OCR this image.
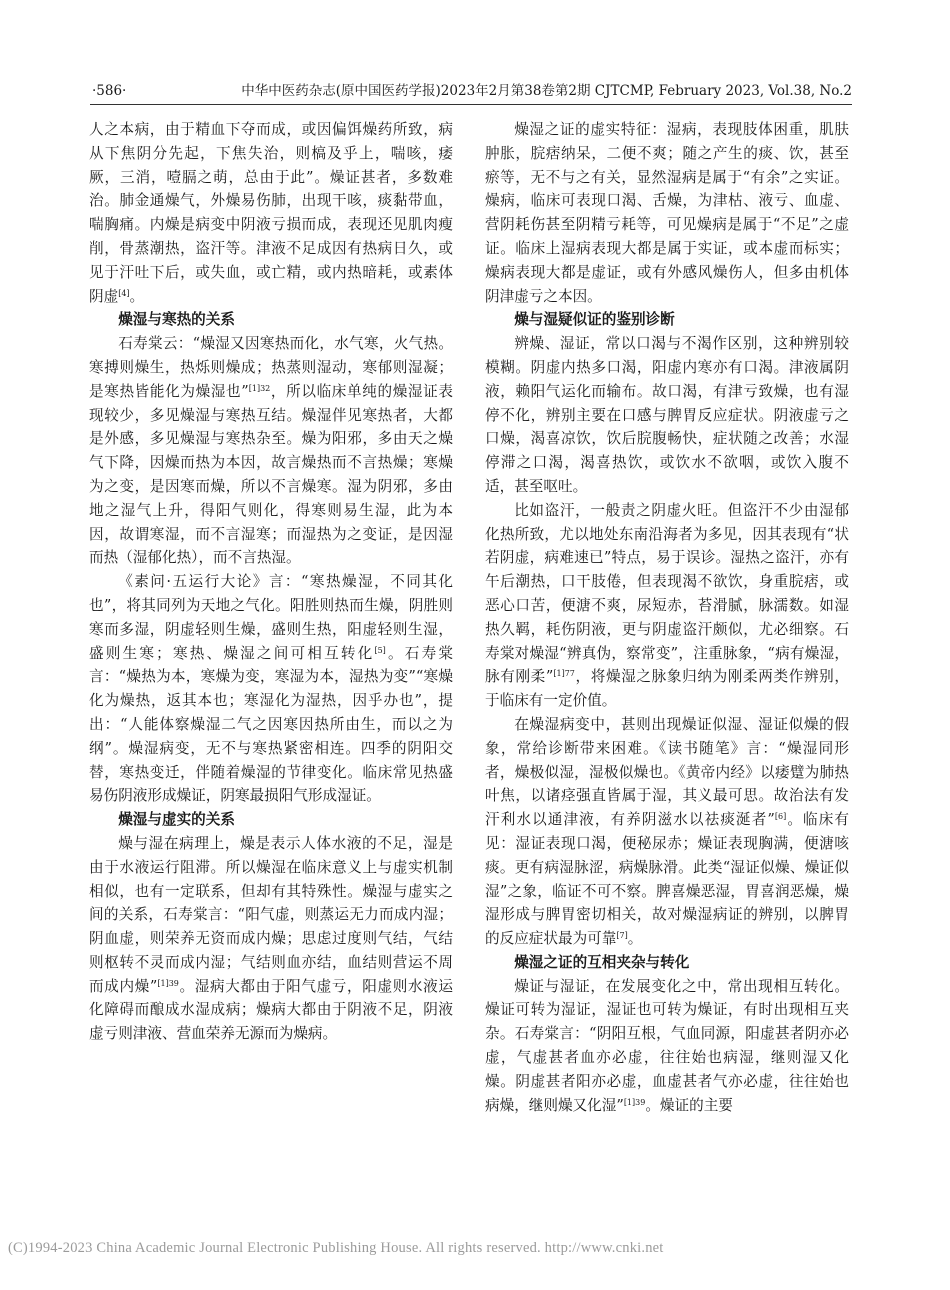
·586·	中华中医药杂志(原中国医药学报)2023年2月第38卷第2期 CJTCMP, February 2023, Vol.38, No.2

人之本病，由于精血下夺而成，或因偏饵燥药所致，病从下焦阴分先起，下焦失治，则槁及乎上，喘咳，痿厥，三消，噎膈之萌，总由于此”。燥证甚者，多数难治。肺金通燥气，外燥易伤肺，出现干咳，痰黏带血，喘胸痛。内燥是病变中阴液亏损而成，表现还见肌肉瘦削，骨蒸潮热，盗汗等。津液不足成因有热病日久，或见于汗吐下后，或失血，或亡精，或内热暗耗，或素体阴虚[4]。

燥湿与寒热的关系

石寿棠云：“燥湿又因寒热而化，水气寒，火气热。寒搏则燥生，热烁则燥成；热蒸则湿动，寒郁则湿凝；是寒热皆能化为燥湿也”$^{[1]32}$，所以临床单纯的燥湿证表现较少，多见燥湿与寒热互结。燥湿伴见寒热者，大都是外感，多见燥湿与寒热杂至。燥为阳邪，多由天之燥气下降，因燥而热为本因，故言燥热而不言热燥；寒燥为之变，是因寒而燥，所以不言燥寒。湿为阴邪，多由地之湿气上升，得阳气则化，得寒则易生湿，此为本因，故谓寒湿，而不言湿寒；而湿热为之变证，是因湿而热（湿郁化热），而不言热湿。

《素问·五运行大论》言：“寒热燥湿，不同其化也”，将其同列为天地之气化。阳胜则热而生燥，阴胜则寒而多湿，阴虚轻则生燥，盛则生热，阳虚轻则生湿，盛则生寒；寒热、燥湿之间可相互转化[5]。石寿棠言：“燥热为本，寒燥为变，寒湿为本，湿热为变”“寒燥化为燥热，返其本也；寒湿化为湿热，因乎办也”，提出：“人能体察燥湿二气之因寒因热所由生，而以之为纲”。燥湿病变，无不与寒热紧密相连。四季的阴阳交替，寒热变迁，伴随着燥湿的节律变化。临床常见热盛易伤阴液形成燥证，阴寒最损阳气形成湿证。

燥湿与虚实的关系

燥与湿在病理上，燥是表示人体水液的不足，湿是由于水液运行阻滞。所以燥湿在临床意义上与虚实机制相似，也有一定联系，但却有其特殊性。燥湿与虚实之间的关系，石寿棠言：“阳气虚，则蒸运无力而成内湿；阴血虚，则荣养无资而成内燥；思虑过度则气结，气结则枢转不灵而成内湿；气结则血亦结，血结则营运不周而成内燥”$^{[1]39}$。湿病大都由于阳气虚亏，阳虚则水液运化障碍而酿成水湿成病；燥病大都由于阴液不足，阴液虚亏则津液、营血荣养无源而为燥病。

燥湿之证的虚实特征：湿病，表现肢体困重，肌肤肿胀，脘痞纳呆，二便不爽；随之产生的痰、饮，甚至瘀等，无不与之有关，显然湿病是属于“有余”之实证。燥病，临床可表现口渴、舌燥，为津枯、液亏、血虚、营阴耗伤甚至阴精亏耗等，可见燥病是属于“不足”之虚证。临床上湿病表现大都是属于实证，或本虚而标实；燥病表现大都是虚证，或有外感风燥伤人，但多由机体阴津虚亏之本因。

燥与湿疑似证的鉴别诊断

辨燥、湿证，常以口渴与不渴作区别，这种辨别较模糊。阴虚内热多口渴，阳虚内寒亦有口渴。津液属阴液，赖阳气运化而输布。故口渴，有津亏致燥，也有湿停不化，辨别主要在口感与脾胃反应症状。阴液虚亏之口燥，渴喜凉饮，饮后脘腹畅快，症状随之改善；水湿停滞之口渴，渴喜热饮，或饮水不欲咽，或饮入腹不适，甚至呕吐。

比如盗汗，一般责之阴虚火旺。但盗汗不少由湿郁化热所致，尤以地处东南沿海者为多见，因其表现有“状若阴虚，病难速已”特点，易于误诊。湿热之盗汗，亦有午后潮热，口干肢倦，但表现渴不欲饮，身重脘痞，或恶心口苦，便溏不爽，尿短赤，苔滑腻，脉濡数。如湿热久羁，耗伤阴液，更与阴虚盗汗颇似，尤必细察。石寿棠对燥湿“辨真伪，察常变”，注重脉象，“病有燥湿，脉有刚柔”$^{[1]77}$，将燥湿之脉象归纳为刚柔两类作辨别，于临床有一定价值。

在燥湿病变中，甚则出现燥证似湿、湿证似燥的假象，常给诊断带来困难。《读书随笔》言：“燥湿同形者，燥极似湿，湿极似燥也。《黄帝内经》以痿躄为肺热叶焦，以诸痉强直皆属于湿，其义最可思。故治法有发汗利水以通津液，有养阴滋水以祛痰涎者”[6]。临床有见：湿证表现口渴，便秘尿赤；燥证表现胸满，便溏咳痰。更有病湿脉涩，病燥脉滑。此类“湿证似燥、燥证似湿”之象，临证不可不察。脾喜燥恶湿，胃喜润恶燥，燥湿形成与脾胃密切相关，故对燥湿病证的辨别，以脾胃的反应症状最为可靠[7]。

燥湿之证的互相夹杂与转化

燥证与湿证，在发展变化之中，常出现相互转化。燥证可转为湿证，湿证也可转为燥证，有时出现相互夹杂。石寿棠言：“阴阳互根，气血同源，阳虚甚者阴亦必虚，气虚甚者血亦必虚，往往始也病湿，继则湿又化燥。阴虚甚者阳亦必虚，血虚甚者气亦必虚，往往始也病燥，继则燥又化湿”$^{[1]39}$。燥证的主要

(C)1994-2023 China Academic Journal Electronic Publishing House. All rights reserved. http://www.cnki.net
